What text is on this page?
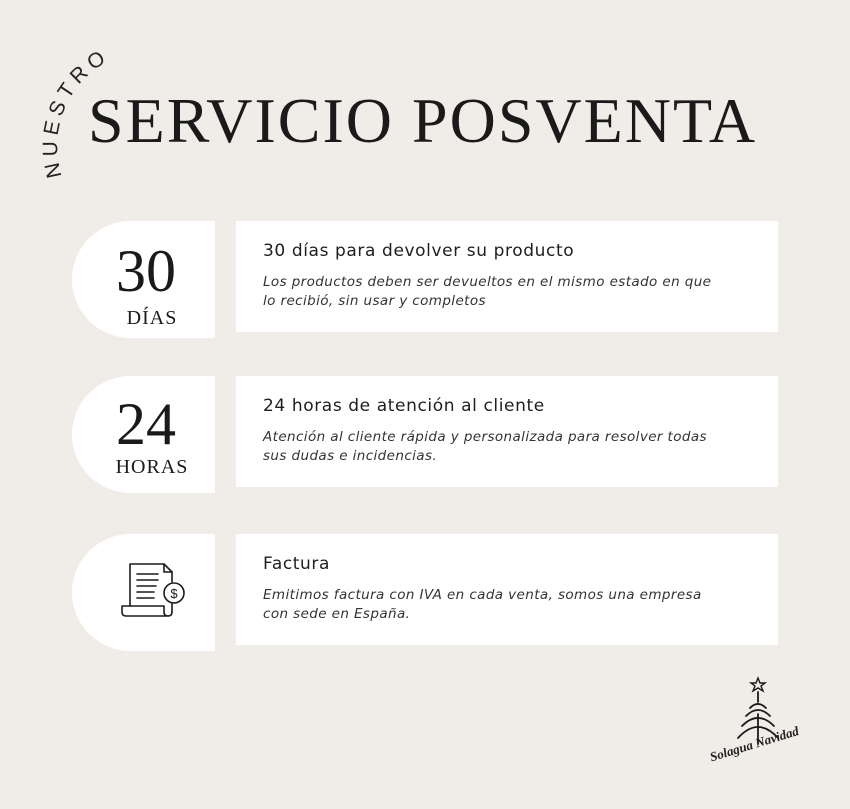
NUESTRO
SERVICIO POSVENTA
30
DÍAS
30 días para devolver su producto

Los productos deben ser devueltos en el mismo estado en que lo recibió, sin usar y completos

24
HORAS
24 horas de atención al cliente

Atención al cliente rápida y personalizada para resolver todas sus dudas e incidencias.

$
Factura

Emitimos factura con IVA en cada venta, somos una empresa con sede en España.

Solagua Navidad
